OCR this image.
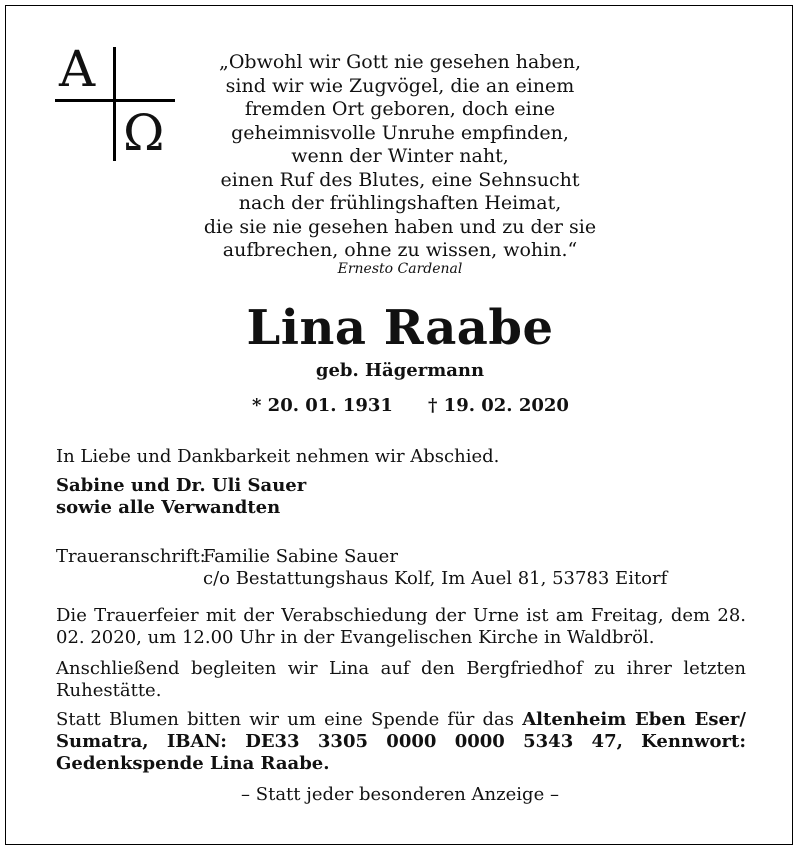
A
Ω
„Obwohl wir Gott nie gesehen haben,
sind wir wie Zugvögel, die an einem
fremden Ort geboren, doch eine
geheimnisvolle Unruhe empfinden,
wenn der Winter naht,
einen Ruf des Blutes, eine Sehnsucht
nach der frühlingshaften Heimat,
die sie nie gesehen haben und zu der sie
aufbrechen, ohne zu wissen, wohin.“
Ernesto Cardenal
Lina Raabe
geb. Hägermann
* 20. 01. 1931 † 19. 02. 2020
In Liebe und Dankbarkeit nehmen wir Abschied.
Sabine und Dr. Uli Sauer
sowie alle Verwandten
Traueranschrift:
Familie Sabine Sauer
c/o Bestattungshaus Kolf, Im Auel 81, 53783 Eitorf
Die Trauerfeier mit der Verabschiedung der Urne ist am Freitag, dem 28. 02. 2020, um 12.00 Uhr in der Evangelischen Kirche in Waldbröl.
Anschließend begleiten wir Lina auf den Bergfriedhof zu ihrer letzten Ruhestätte.
Statt Blumen bitten wir um eine Spende für das Altenheim Eben Eser/ Sumatra, IBAN: DE33 3305 0000 0000 5343 47, Kennwort: Gedenkspende Lina Raabe.
– Statt jeder besonderen Anzeige –
